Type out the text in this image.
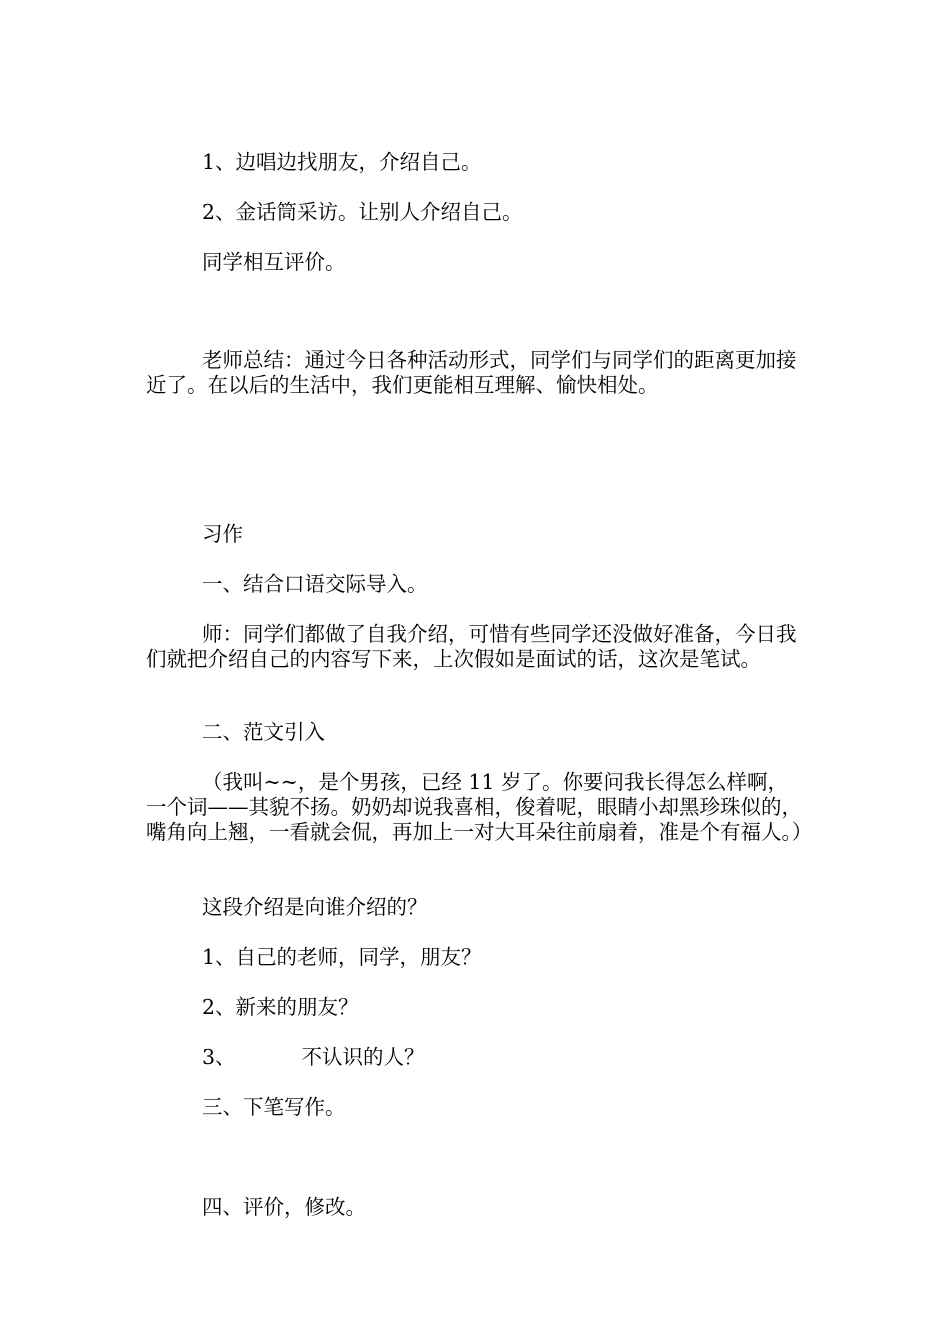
1、边唱边找朋友，介绍自己。

2、金话筒采访。让别人介绍自己。

同学相互评价。

老师总结：通过今日各种活动形式，同学们与同学们的距离更加接近了。在以后的生活中，我们更能相互理解、愉快相处。

习作

一、结合口语交际导入。

师：同学们都做了自我介绍，可惜有些同学还没做好准备，今日我们就把介绍自己的内容写下来，上次假如是面试的话，这次是笔试。

二、范文引入

（我叫~~，是个男孩，已经 11 岁了。你要问我长得怎么样啊，一个词——其貌不扬。奶奶却说我喜相，俊着呢，眼睛小却黑珍珠似的，嘴角向上翘，一看就会侃，再加上一对大耳朵往前扇着，准是个有福人。）

这段介绍是向谁介绍的？

1、自己的老师，同学，朋友？

2、新来的朋友？

3、	不认识的人？

三、下笔写作。

四、评价，修改。
